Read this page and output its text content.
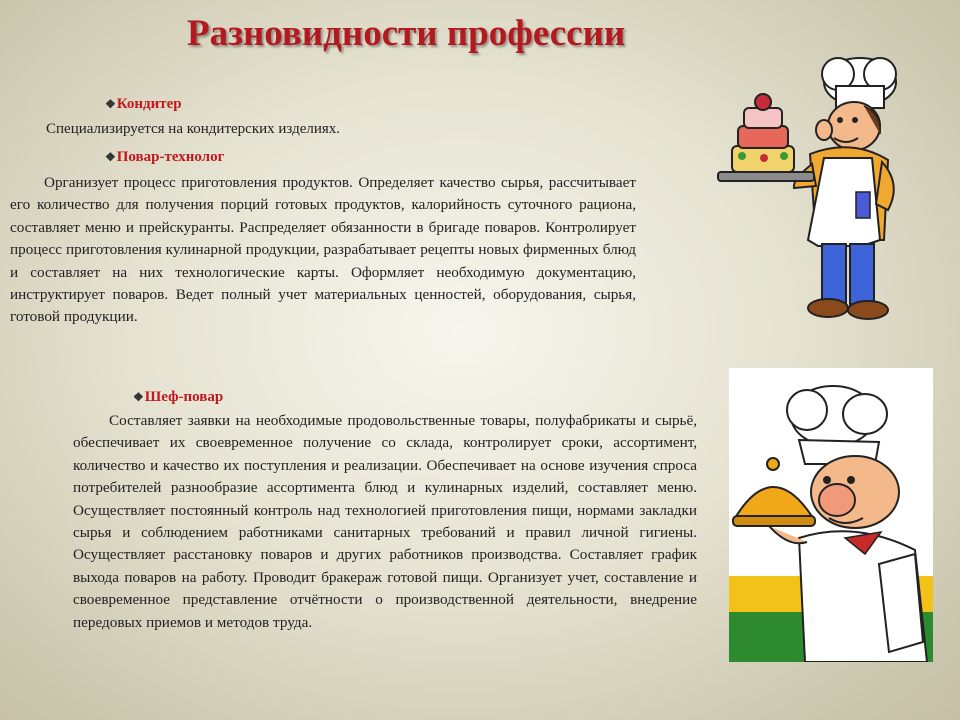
Разновидности профессии
❖Кондитер
Специализируется на кондитерских изделиях.
❖Повар-технолог
Организует процесс приготовления продуктов. Определяет качество сырья, рассчитывает его количество для получения порций готовых продуктов, калорийность суточного рациона, составляет меню и прейскуранты. Распределяет обязанности в бригаде поваров. Контролирует процесс приготовления кулинарной продукции, разрабатывает рецепты новых фирменных блюд и составляет на них технологические карты. Оформляет необходимую документацию, инструктирует поваров. Ведет полный учет материальных ценностей, оборудования, сырья, готовой продукции.
❖Шеф-повар
Составляет заявки на необходимые продовольственные товары, полуфабрикаты и сырьё, обеспечивает их своевременное получение со склада, контролирует сроки, ассортимент, количество и качество их поступления и реализации. Обеспечивает на основе изучения спроса потребителей разнообразие ассортимента блюд и кулинарных изделий, составляет меню. Осуществляет постоянный контроль над технологией приготовления пищи, нормами закладки сырья и соблюдением работниками санитарных требований и правил личной гигиены. Осуществляет расстановку поваров и других работников производства. Составляет график выхода поваров на работу. Проводит бракераж готовой пищи. Организует учет, составление и своевременное представление отчётности о производственной деятельности, внедрение передовых приемов и методов труда.
